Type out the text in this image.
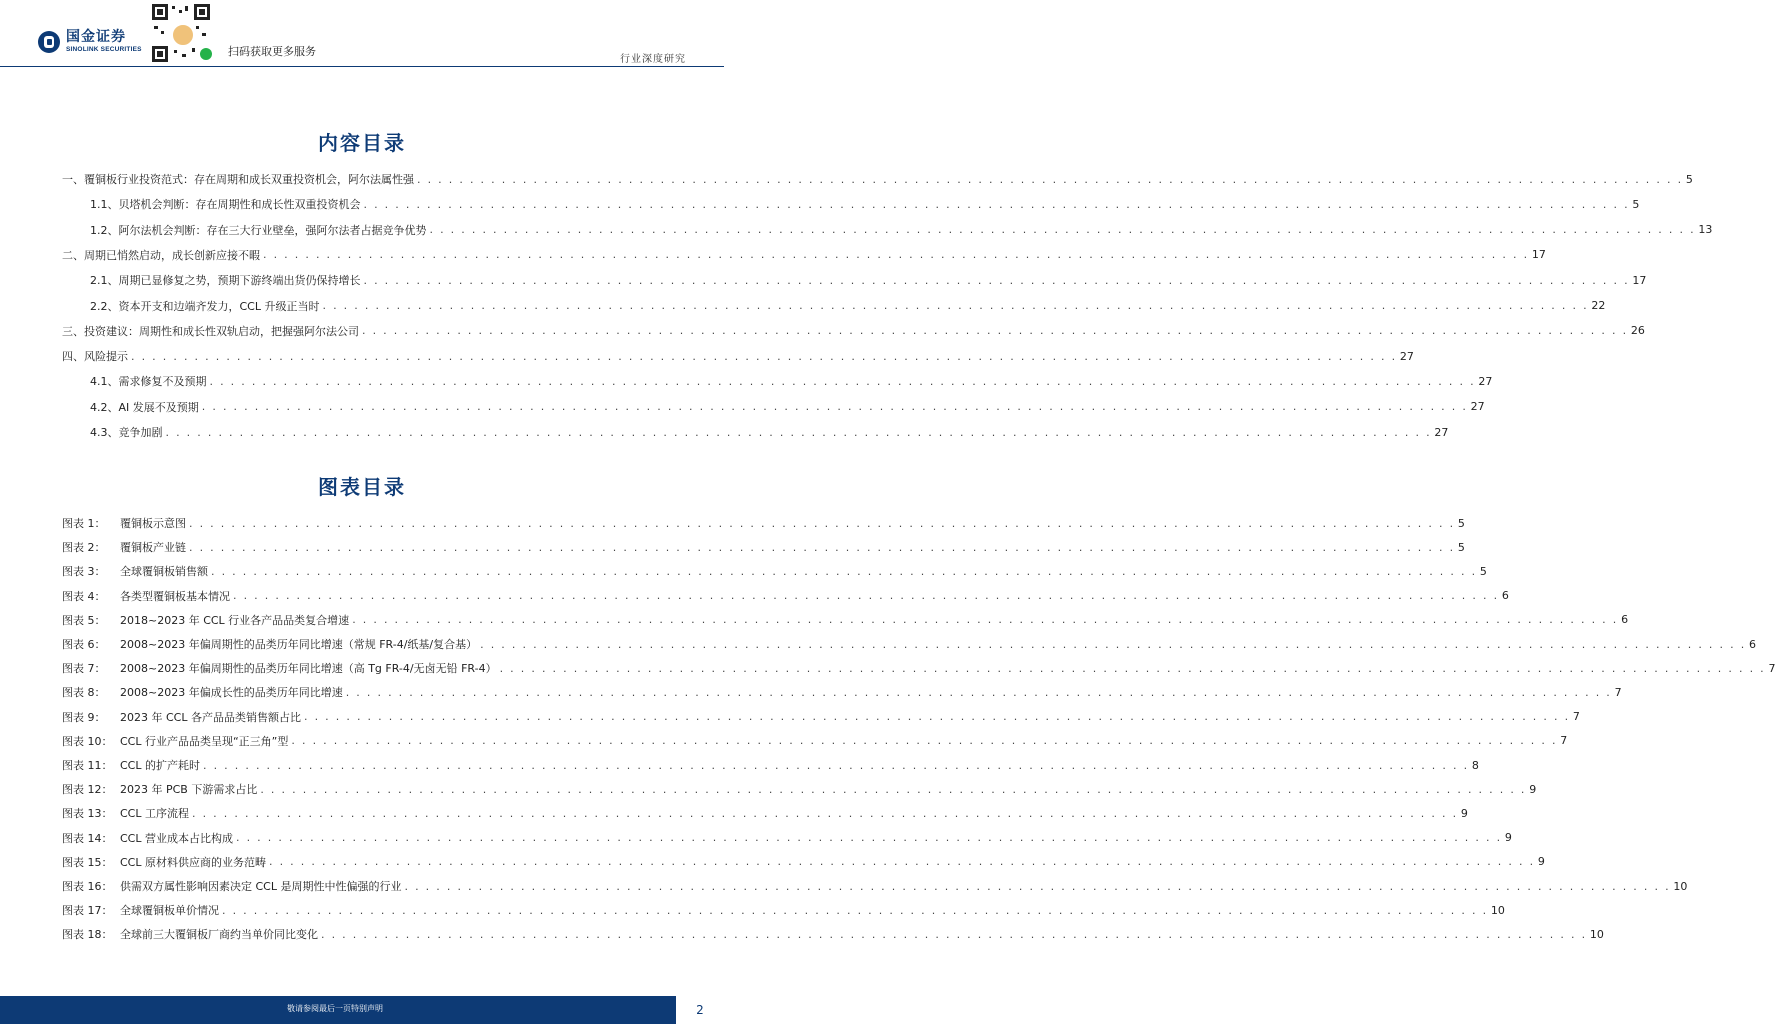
国金证券
SINOLINK SECURITIES	扫码获取更多服务
行业深度研究
内容目录
一、覆铜板行业投资范式：存在周期和成长双重投资机会，阿尔法属性强 . . . . . . . . . . . . . . . . . . . . . . . . . . . . . . . . . . . . . . . . . . . . . . . . . . . . . . . . . . . . . . . . . . . . . . . . . . . . . . . . . . . . . . . . . . . . . . . . . . . . . . . . . . . . . . . . . . . . . . . . 5
1.1、贝塔机会判断：存在周期性和成长性双重投资机会 . . . . . . . . . . . . . . . . . . . . . . . . . . . . . . . . . . . . . . . . . . . . . . . . . . . . . . . . . . . . . . . . . . . . . . . . . . . . . . . . . . . . . . . . . . . . . . . . . . . . . . . . . . . . . . . . . . . . . . . . 5
1.2、阿尔法机会判断：存在三大行业壁垒，强阿尔法者占据竞争优势 . . . . . . . . . . . . . . . . . . . . . . . . . . . . . . . . . . . . . . . . . . . . . . . . . . . . . . . . . . . . . . . . . . . . . . . . . . . . . . . . . . . . . . . . . . . . . . . . . . . . . . . . . . . . . . . . . . . . . . . . 13
二、周期已悄然启动，成长创新应接不暇 . . . . . . . . . . . . . . . . . . . . . . . . . . . . . . . . . . . . . . . . . . . . . . . . . . . . . . . . . . . . . . . . . . . . . . . . . . . . . . . . . . . . . . . . . . . . . . . . . . . . . . . . . . . . . . . . . . . . . . . . 17
2.1、周期已显修复之势，预期下游终端出货仍保持增长 . . . . . . . . . . . . . . . . . . . . . . . . . . . . . . . . . . . . . . . . . . . . . . . . . . . . . . . . . . . . . . . . . . . . . . . . . . . . . . . . . . . . . . . . . . . . . . . . . . . . . . . . . . . . . . . . . . . . . . . . 17
2.2、资本开支和边端齐发力，CCL 升级正当时 . . . . . . . . . . . . . . . . . . . . . . . . . . . . . . . . . . . . . . . . . . . . . . . . . . . . . . . . . . . . . . . . . . . . . . . . . . . . . . . . . . . . . . . . . . . . . . . . . . . . . . . . . . . . . . . . . . . . . . . . 22
三、投资建议：周期性和成长性双轨启动，把握强阿尔法公司 . . . . . . . . . . . . . . . . . . . . . . . . . . . . . . . . . . . . . . . . . . . . . . . . . . . . . . . . . . . . . . . . . . . . . . . . . . . . . . . . . . . . . . . . . . . . . . . . . . . . . . . . . . . . . . . . . . . . . . . . 26
四、风险提示 . . . . . . . . . . . . . . . . . . . . . . . . . . . . . . . . . . . . . . . . . . . . . . . . . . . . . . . . . . . . . . . . . . . . . . . . . . . . . . . . . . . . . . . . . . . . . . . . . . . . . . . . . . . . . . . . . . . . . . . . 27
4.1、需求修复不及预期 . . . . . . . . . . . . . . . . . . . . . . . . . . . . . . . . . . . . . . . . . . . . . . . . . . . . . . . . . . . . . . . . . . . . . . . . . . . . . . . . . . . . . . . . . . . . . . . . . . . . . . . . . . . . . . . . . . . . . . . . 27
4.2、AI 发展不及预期 . . . . . . . . . . . . . . . . . . . . . . . . . . . . . . . . . . . . . . . . . . . . . . . . . . . . . . . . . . . . . . . . . . . . . . . . . . . . . . . . . . . . . . . . . . . . . . . . . . . . . . . . . . . . . . . . . . . . . . . . 27
4.3、竞争加剧 . . . . . . . . . . . . . . . . . . . . . . . . . . . . . . . . . . . . . . . . . . . . . . . . . . . . . . . . . . . . . . . . . . . . . . . . . . . . . . . . . . . . . . . . . . . . . . . . . . . . . . . . . . . . . . . . . . . . . . . . 27
图表目录
图表 1：	覆铜板示意图 . . . . . . . . . . . . . . . . . . . . . . . . . . . . . . . . . . . . . . . . . . . . . . . . . . . . . . . . . . . . . . . . . . . . . . . . . . . . . . . . . . . . . . . . . . . . . . . . . . . . . . . . . . . . . . . . . . . . . . . . 5
图表 2：	覆铜板产业链 . . . . . . . . . . . . . . . . . . . . . . . . . . . . . . . . . . . . . . . . . . . . . . . . . . . . . . . . . . . . . . . . . . . . . . . . . . . . . . . . . . . . . . . . . . . . . . . . . . . . . . . . . . . . . . . . . . . . . . . . 5
图表 3：	全球覆铜板销售额 . . . . . . . . . . . . . . . . . . . . . . . . . . . . . . . . . . . . . . . . . . . . . . . . . . . . . . . . . . . . . . . . . . . . . . . . . . . . . . . . . . . . . . . . . . . . . . . . . . . . . . . . . . . . . . . . . . . . . . . . 5
图表 4：	各类型覆铜板基本情况 . . . . . . . . . . . . . . . . . . . . . . . . . . . . . . . . . . . . . . . . . . . . . . . . . . . . . . . . . . . . . . . . . . . . . . . . . . . . . . . . . . . . . . . . . . . . . . . . . . . . . . . . . . . . . . . . . . . . . . . . 6
图表 5：	2018~2023 年 CCL 行业各产品品类复合增速 . . . . . . . . . . . . . . . . . . . . . . . . . . . . . . . . . . . . . . . . . . . . . . . . . . . . . . . . . . . . . . . . . . . . . . . . . . . . . . . . . . . . . . . . . . . . . . . . . . . . . . . . . . . . . . . . . . . . . . . . 6
图表 6：	2008~2023 年偏周期性的品类历年同比增速（常规 FR-4/纸基/复合基） . . . . . . . . . . . . . . . . . . . . . . . . . . . . . . . . . . . . . . . . . . . . . . . . . . . . . . . . . . . . . . . . . . . . . . . . . . . . . . . . . . . . . . . . . . . . . . . . . . . . . . . . . . . . . . . . . . . . . . . . 6
图表 7：	2008~2023 年偏周期性的品类历年同比增速（高 Tg FR-4/无卤无铅 FR-4） . . . . . . . . . . . . . . . . . . . . . . . . . . . . . . . . . . . . . . . . . . . . . . . . . . . . . . . . . . . . . . . . . . . . . . . . . . . . . . . . . . . . . . . . . . . . . . . . . . . . . . . . . . . . . . . . . . . . . . . . 7
图表 8：	2008~2023 年偏成长性的品类历年同比增速 . . . . . . . . . . . . . . . . . . . . . . . . . . . . . . . . . . . . . . . . . . . . . . . . . . . . . . . . . . . . . . . . . . . . . . . . . . . . . . . . . . . . . . . . . . . . . . . . . . . . . . . . . . . . . . . . . . . . . . . . 7
图表 9：	2023 年 CCL 各产品品类销售额占比 . . . . . . . . . . . . . . . . . . . . . . . . . . . . . . . . . . . . . . . . . . . . . . . . . . . . . . . . . . . . . . . . . . . . . . . . . . . . . . . . . . . . . . . . . . . . . . . . . . . . . . . . . . . . . . . . . . . . . . . . 7
图表 10： CCL 行业产品品类呈现“正三角”型 . . . . . . . . . . . . . . . . . . . . . . . . . . . . . . . . . . . . . . . . . . . . . . . . . . . . . . . . . . . . . . . . . . . . . . . . . . . . . . . . . . . . . . . . . . . . . . . . . . . . . . . . . . . . . . . . . . . . . . . . 7
图表 11： CCL 的扩产耗时 . . . . . . . . . . . . . . . . . . . . . . . . . . . . . . . . . . . . . . . . . . . . . . . . . . . . . . . . . . . . . . . . . . . . . . . . . . . . . . . . . . . . . . . . . . . . . . . . . . . . . . . . . . . . . . . . . . . . . . . . 8
图表 12： 2023 年 PCB 下游需求占比 . . . . . . . . . . . . . . . . . . . . . . . . . . . . . . . . . . . . . . . . . . . . . . . . . . . . . . . . . . . . . . . . . . . . . . . . . . . . . . . . . . . . . . . . . . . . . . . . . . . . . . . . . . . . . . . . . . . . . . . . 9
图表 13： CCL 工序流程 . . . . . . . . . . . . . . . . . . . . . . . . . . . . . . . . . . . . . . . . . . . . . . . . . . . . . . . . . . . . . . . . . . . . . . . . . . . . . . . . . . . . . . . . . . . . . . . . . . . . . . . . . . . . . . . . . . . . . . . . 9
图表 14： CCL 营业成本占比构成 . . . . . . . . . . . . . . . . . . . . . . . . . . . . . . . . . . . . . . . . . . . . . . . . . . . . . . . . . . . . . . . . . . . . . . . . . . . . . . . . . . . . . . . . . . . . . . . . . . . . . . . . . . . . . . . . . . . . . . . . 9
图表 15： CCL 原材料供应商的业务范畴 . . . . . . . . . . . . . . . . . . . . . . . . . . . . . . . . . . . . . . . . . . . . . . . . . . . . . . . . . . . . . . . . . . . . . . . . . . . . . . . . . . . . . . . . . . . . . . . . . . . . . . . . . . . . . . . . . . . . . . . . 9
图表 16： 供需双方属性影响因素决定 CCL 是周期性中性偏强的行业 . . . . . . . . . . . . . . . . . . . . . . . . . . . . . . . . . . . . . . . . . . . . . . . . . . . . . . . . . . . . . . . . . . . . . . . . . . . . . . . . . . . . . . . . . . . . . . . . . . . . . . . . . . . . . . . . . . . . . . . . 10
图表 17： 全球覆铜板单价情况 . . . . . . . . . . . . . . . . . . . . . . . . . . . . . . . . . . . . . . . . . . . . . . . . . . . . . . . . . . . . . . . . . . . . . . . . . . . . . . . . . . . . . . . . . . . . . . . . . . . . . . . . . . . . . . . . . . . . . . . . 10
图表 18： 全球前三大覆铜板厂商约当单价同比变化 . . . . . . . . . . . . . . . . . . . . . . . . . . . . . . . . . . . . . . . . . . . . . . . . . . . . . . . . . . . . . . . . . . . . . . . . . . . . . . . . . . . . . . . . . . . . . . . . . . . . . . . . . . . . . . . . . . . . . . . . 10
敬请参阅最后一页特别声明	2
